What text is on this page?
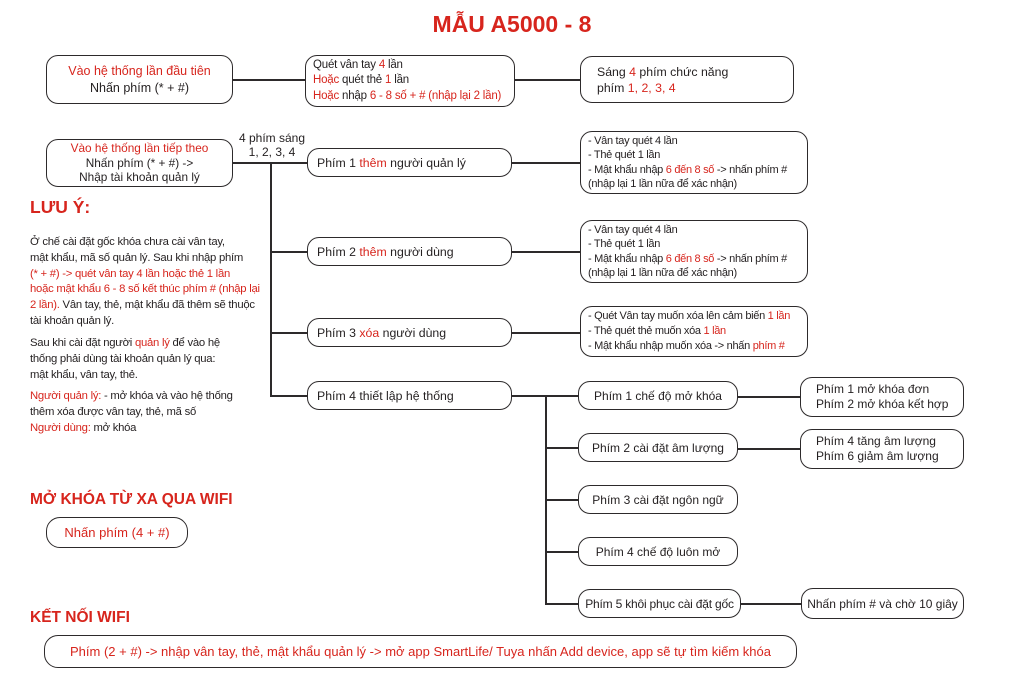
MẪU A5000 - 8
Vào hệ thống lần đầu tiên
Nhấn phím (* + #)
Quét vân tay 4 lần
Hoặc quét thẻ 1 lần
Hoặc nhập 6 - 8 số + # (nhập lại 2 lần)
Sáng 4 phím chức năng
phím 1, 2, 3, 4
Vào hệ thống lần tiếp theo
Nhấn phím (* + #) ->
Nhập tài khoản quản lý
4 phím sáng
1, 2, 3, 4
Phím 1 thêm người quản lý
Phím 2 thêm người dùng
Phím 3 xóa người dùng
Phím 4 thiết lập hệ thống
- Vân tay quét 4 lần
- Thẻ quét 1 lần
- Mật khẩu nhập 6 đến 8 số -> nhấn phím #
(nhập lại 1 lần nữa để xác nhận)
- Vân tay quét 4 lần
- Thẻ quét 1 lần
- Mật khẩu nhập 6 đến 8 số -> nhấn phím #
(nhập lại 1 lần nữa để xác nhận)
- Quét Vân tay muốn xóa lên cảm biến 1 lần
- Thẻ quét thẻ muốn xóa 1 lần
- Mật khẩu nhập muốn xóa -> nhấn phím #
Phím 1 chế độ mở khóa
Phím 2 cài đặt âm lượng
Phím 3 cài đặt ngôn ngữ
Phím 4 chế độ luôn mở
Phím 5 khôi phục cài đặt gốc
Phím 1 mở khóa đơn
Phím 2 mở khóa kết hợp
Phím 4 tăng âm lượng
Phím 6 giảm âm lượng
Nhấn phím # và chờ 10 giây
LƯU Ý:
Ở chế cài đặt gốc khóa chưa cài vân tay,
mật khẩu, mã số quản lý. Sau khi nhập phím
(* + #) -> quét vân tay 4 lần hoặc thẻ 1 lần
hoặc mật khẩu 6 - 8 số kết thúc phím # (nhập lại
2 lần). Vân tay, thẻ, mật khẩu đã thêm sẽ thuộc
tài khoản quản lý.
Sau khi cài đặt người quản lý để vào hệ
thống phải dùng tài khoản quản lý qua:
mật khẩu, vân tay, thẻ.
Người quản lý: - mở khóa và vào hệ thống
thêm xóa được vân tay, thẻ, mã số
Người dùng: mở khóa
MỞ KHÓA TỪ XA QUA WIFI
Nhấn phím (4 + #)
KẾT NỐI WIFI
Phím (2 + #) -> nhập vân tay, thẻ, mật khẩu quản lý -> mở app SmartLife/ Tuya nhấn Add device, app sẽ tự tìm kiếm khóa
